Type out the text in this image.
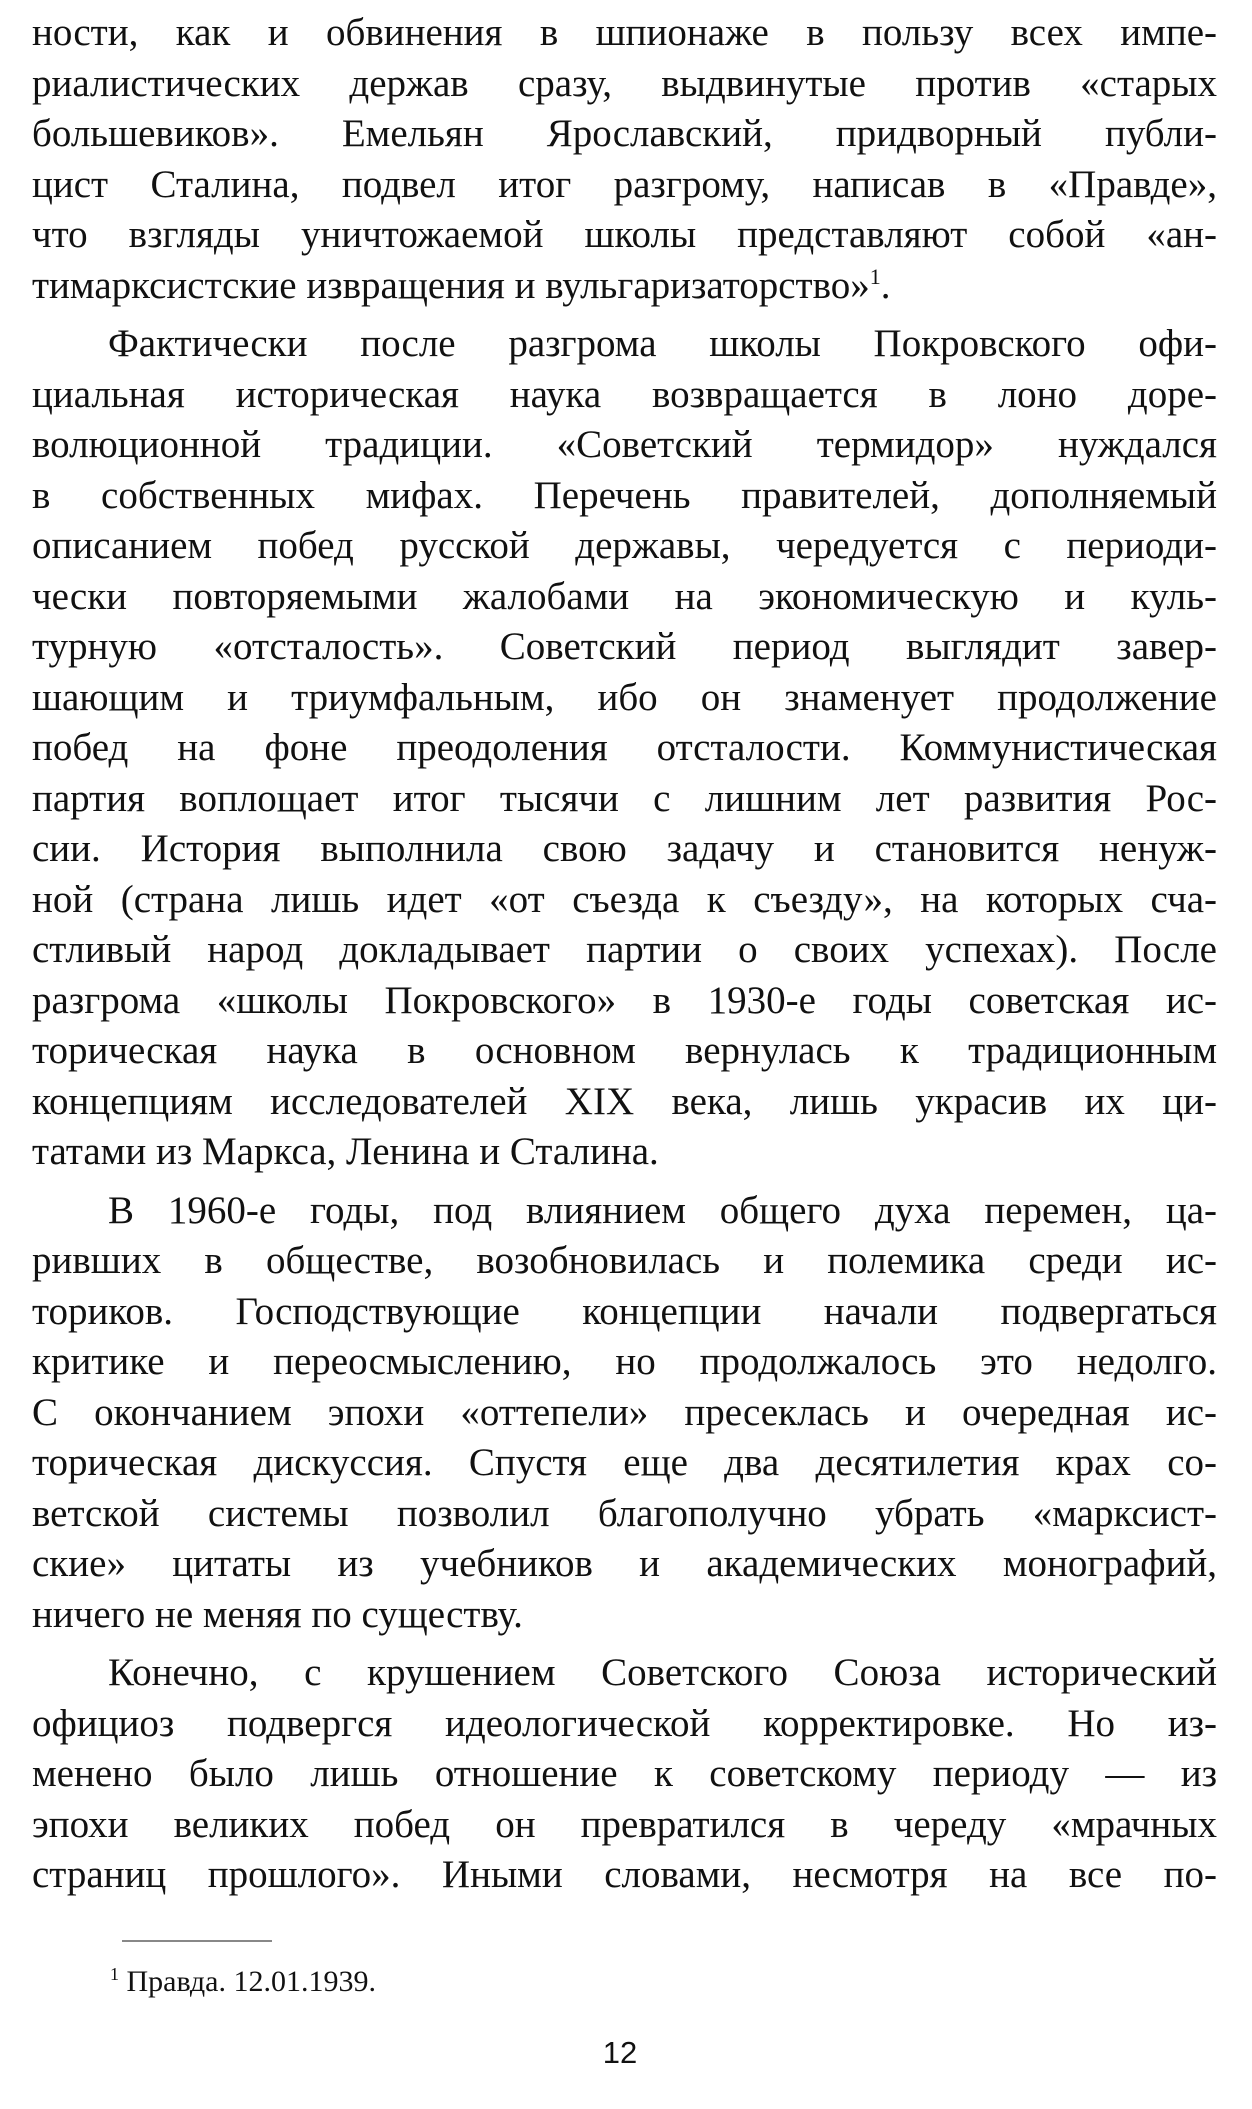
ности, как и обвинения в шпионаже в пользу всех импе-
риалистических держав сразу, выдвинутые против «старых
большевиков». Емельян Ярославский, придворный публи-
цист Сталина, подвел итог разгрому, написав в «Правде»,
что взгляды уничтожаемой школы представляют собой «ан-
тимарксистские извращения и вульгаризаторство»$^1$.
Фактически после разгрома школы Покровского офи-
циальная историческая наука возвращается в лоно доре-
волюционной традиции. «Советский термидор» нуждался
в собственных мифах. Перечень правителей, дополняемый
описанием побед русской державы, чередуется с периоди-
чески повторяемыми жалобами на экономическую и куль-
турную «отсталость». Советский период выглядит завер-
шающим и триумфальным, ибо он знаменует продолжение
побед на фоне преодоления отсталости. Коммунистическая
партия воплощает итог тысячи с лишним лет развития Рос-
сии. История выполнила свою задачу и становится ненуж-
ной (страна лишь идет «от съезда к съезду», на которых сча-
стливый народ докладывает партии о своих успехах). После
разгрома «школы Покровского» в 1930-е годы советская ис-
торическая наука в основном вернулась к традиционным
концепциям исследователей XIX века, лишь украсив их ци-
татами из Маркса, Ленина и Сталина.
В 1960-е годы, под влиянием общего духа перемен, ца-
ривших в обществе, возобновилась и полемика среди ис-
ториков. Господствующие концепции начали подвергаться
критике и переосмыслению, но продолжалось это недолго.
С окончанием эпохи «оттепели» пресеклась и очередная ис-
торическая дискуссия. Спустя еще два десятилетия крах со-
ветской системы позволил благополучно убрать «марксист-
ские» цитаты из учебников и академических монографий,
ничего не меняя по существу.
Конечно, с крушением Советского Союза исторический
официоз подвергся идеологической корректировке. Но из-
менено было лишь отношение к советскому периоду — из
эпохи великих побед он превратился в череду «мрачных
страниц прошлого». Иными словами, несмотря на все по-
$^1$ Правда. 12.01.1939.
12
